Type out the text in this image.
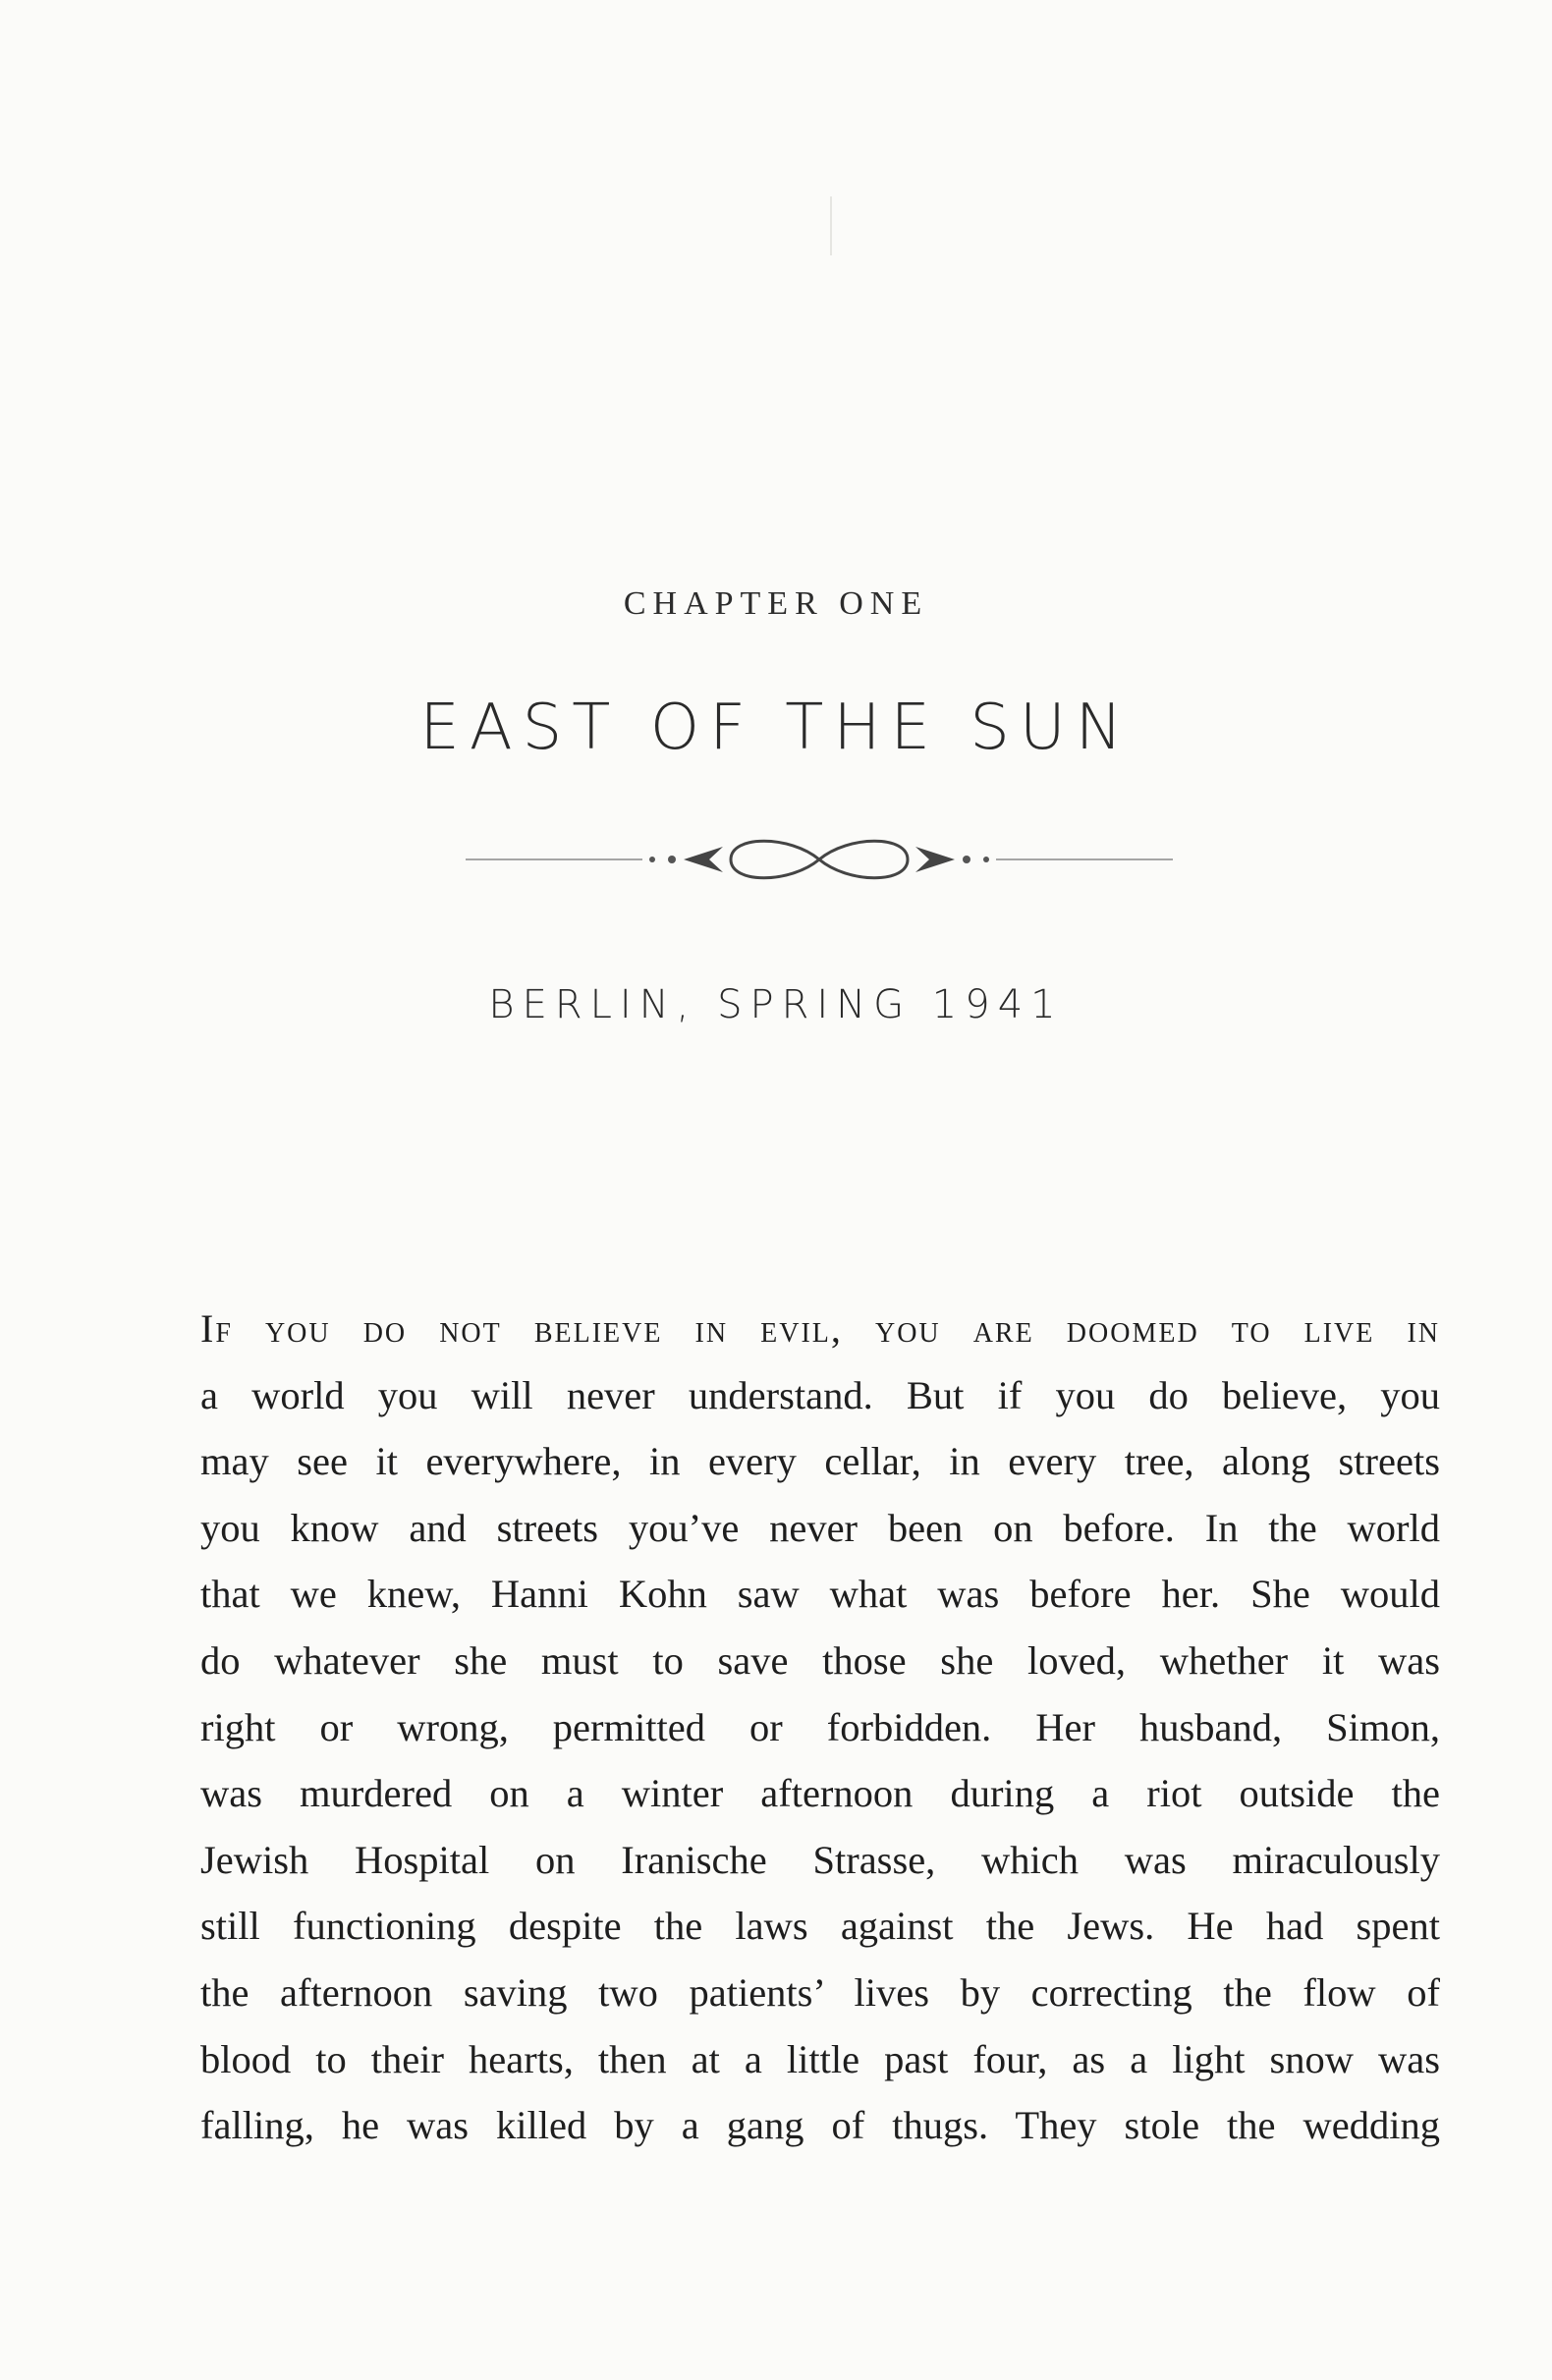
CHAPTER ONE
EAST OF THE SUN
BERLIN, SPRING 1941
If you do not believe in evil, you are doomed to live in
a world you will never understand. But if you do believe, you
may see it everywhere, in every cellar, in every tree, along streets
you know and streets you’ve never been on before. In the world
that we knew, Hanni Kohn saw what was before her. She would
do whatever she must to save those she loved, whether it was
right or wrong, permitted or forbidden. Her husband, Simon,
was murdered on a winter afternoon during a riot outside the
Jewish Hospital on Iranische Strasse, which was miraculously
still functioning despite the laws against the Jews. He had spent
the afternoon saving two patients’ lives by correcting the flow of
blood to their hearts, then at a little past four, as a light snow was
falling, he was killed by a gang of thugs. They stole the wedding
